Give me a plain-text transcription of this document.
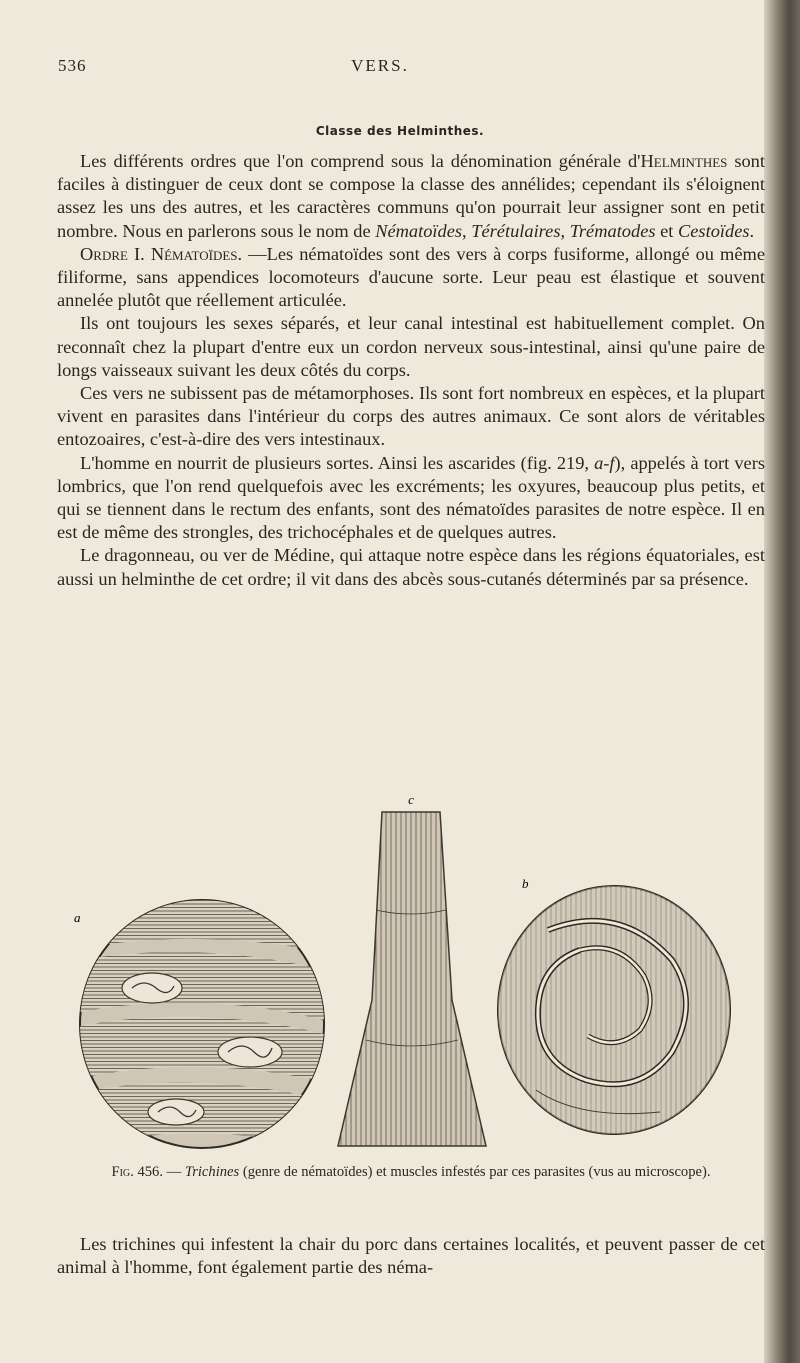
536	VERS.
Classe des Helminthes.

Les différents ordres que l'on comprend sous la dénomination générale d'Helminthes sont faciles à distinguer de ceux dont se compose la classe des annélides; cependant ils s'éloignent assez les uns des autres, et les caractères communs qu'on pourrait leur assigner sont en petit nombre. Nous en parlerons sous le nom de Nématoïdes, Térétulaires, Trématodes et Cestoïdes.

Ordre I. Nématoïdes. —Les nématoïdes sont des vers à corps fusiforme, allongé ou même filiforme, sans appendices locomoteurs d'aucune sorte. Leur peau est élastique et souvent annelée plutôt que réellement articulée.

Ils ont toujours les sexes séparés, et leur canal intestinal est habituellement complet. On reconnaît chez la plupart d'entre eux un cordon nerveux sous-intestinal, ainsi qu'une paire de longs vaisseaux suivant les deux côtés du corps.

Ces vers ne subissent pas de métamorphoses. Ils sont fort nombreux en espèces, et la plupart vivent en parasites dans l'intérieur du corps des autres animaux. Ce sont alors de véritables entozoaires, c'est-à-dire des vers intestinaux.

L'homme en nourrit de plusieurs sortes. Ainsi les ascarides (fig. 219, a-f), appelés à tort vers lombrics, que l'on rend quelquefois avec les excréments; les oxyures, beaucoup plus petits, et qui se tiennent dans le rectum des enfants, sont des nématoïdes parasites de notre espèce. Il en est de même des strongles, des trichocéphales et de quelques autres.

Le dragonneau, ou ver de Médine, qui attaque notre espèce dans les régions équatoriales, est aussi un helminthe de cet ordre; il vit dans des abcès sous-cutanés déterminés par sa présence.

c
a
b
Fig. 456. — Trichines (genre de nématoïdes) et muscles infestés par ces parasites (vus au microscope).

Les trichines qui infestent la chair du porc dans certaines localités, et peuvent passer de cet animal à l'homme, font également partie des néma-
